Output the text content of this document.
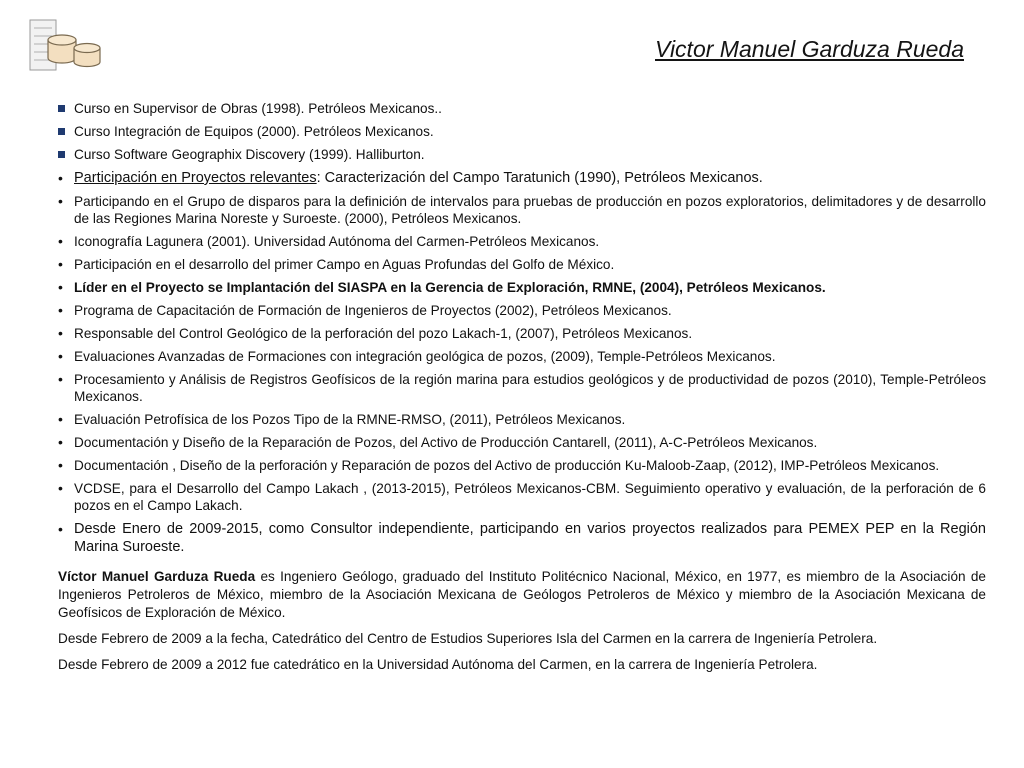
Victor Manuel Garduza Rueda
Curso en Supervisor de Obras (1998). Petróleos Mexicanos..
Curso Integración de Equipos (2000). Petróleos Mexicanos.
Curso Software Geographix Discovery (1999). Halliburton.
•
Participación en Proyectos relevantes: Caracterización del Campo Taratunich (1990), Petróleos Mexicanos.
•
Participando en el Grupo de disparos para la definición de intervalos para pruebas de producción en pozos exploratorios, delimitadores y de desarrollo de las Regiones Marina Noreste y Suroeste. (2000), Petróleos Mexicanos.
•
Iconografía Lagunera (2001). Universidad Autónoma del Carmen-Petróleos Mexicanos.
•
Participación en el desarrollo del primer Campo en Aguas Profundas del Golfo de México.
•
Líder en el Proyecto se Implantación del SIASPA en la Gerencia de Exploración, RMNE, (2004), Petróleos Mexicanos.
•
Programa de Capacitación de Formación de Ingenieros de Proyectos (2002), Petróleos Mexicanos.
•
Responsable del Control Geológico de la perforación del pozo Lakach-1, (2007), Petróleos Mexicanos.
•
Evaluaciones Avanzadas de Formaciones con integración geológica de pozos, (2009), Temple-Petróleos Mexicanos.
•
Procesamiento y Análisis de Registros Geofísicos de la región marina para estudios geológicos y de productividad de pozos (2010), Temple-Petróleos Mexicanos.
•
Evaluación Petrofísica de los Pozos Tipo de la RMNE-RMSO, (2011), Petróleos Mexicanos.
•
Documentación y Diseño de la Reparación de Pozos, del Activo de Producción Cantarell, (2011), A-C-Petróleos Mexicanos.
•
Documentación , Diseño de la perforación y Reparación de pozos del Activo de producción Ku-Maloob-Zaap, (2012), IMP-Petróleos Mexicanos.
•
VCDSE, para el Desarrollo del Campo Lakach , (2013-2015), Petróleos Mexicanos-CBM. Seguimiento operativo y evaluación, de la perforación de 6 pozos en el Campo Lakach.
•
Desde Enero de 2009-2015, como Consultor independiente, participando en varios proyectos realizados para PEMEX PEP en la Región Marina Suroeste.

Víctor Manuel Garduza Rueda es Ingeniero Geólogo, graduado del Instituto Politécnico Nacional, México, en 1977, es miembro de la Asociación de Ingenieros Petroleros de México, miembro de la Asociación Mexicana de Geólogos Petroleros de México y miembro de la Asociación Mexicana de Geofísicos de Exploración de México.

Desde Febrero de 2009 a la fecha, Catedrático del Centro de Estudios Superiores Isla del Carmen en la carrera de Ingeniería Petrolera.

Desde Febrero de 2009 a 2012 fue catedrático en la Universidad Autónoma del Carmen, en la carrera de Ingeniería Petrolera.
